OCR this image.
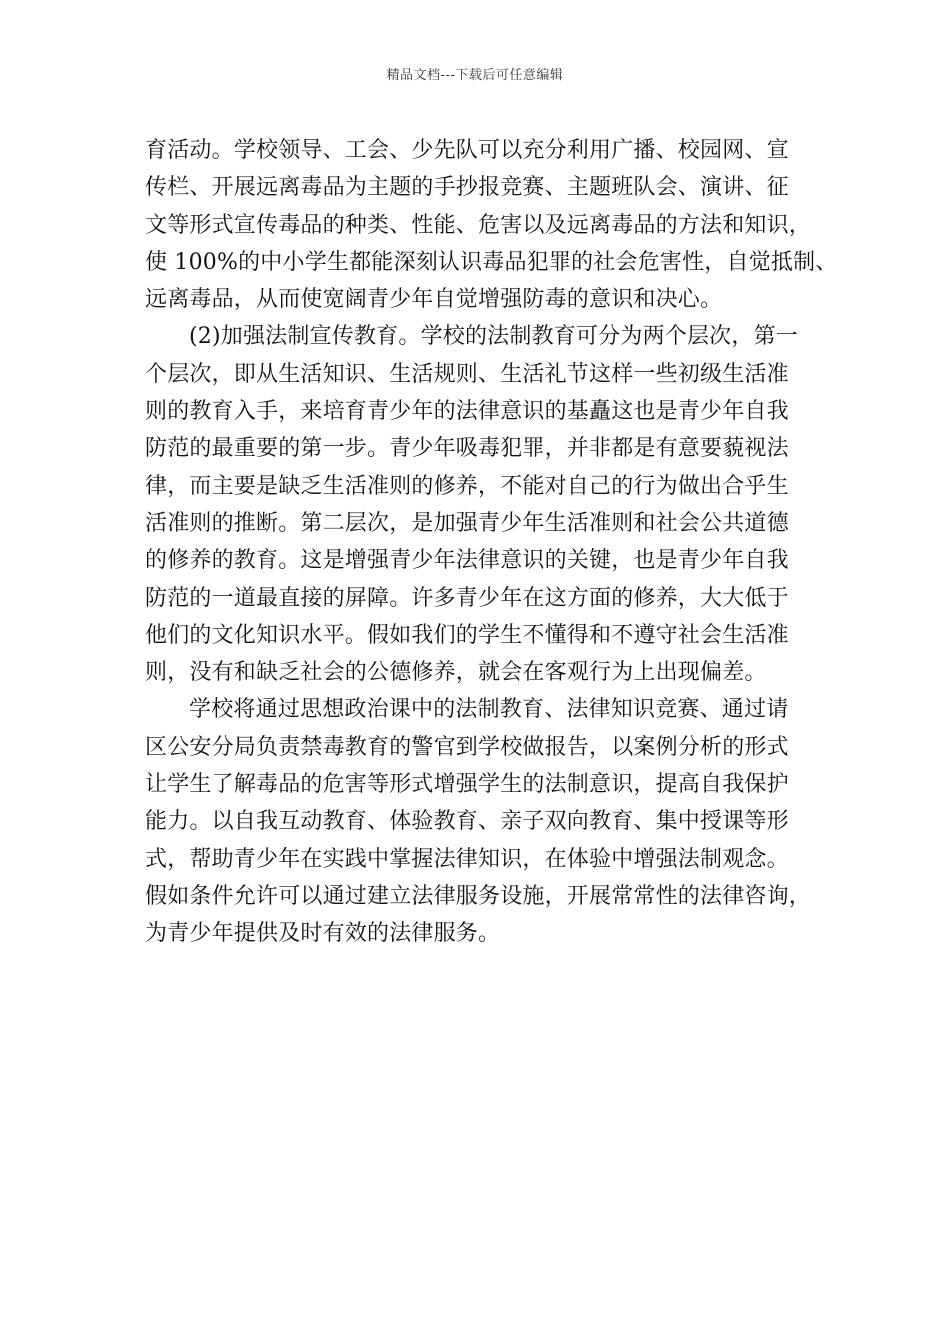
精品文档---下载后可任意编辑
育活动。学校领导、工会、少先队可以充分利用广播、校园网、宣
传栏、开展远离毒品为主题的手抄报竞赛、主题班队会、演讲、征
文等形式宣传毒品的种类、性能、危害以及远离毒品的方法和知识，
使 100%的中小学生都能深刻认识毒品犯罪的社会危害性，自觉抵制、
远离毒品，从而使宽阔青少年自觉增强防毒的意识和决心。
(2)加强法制宣传教育。学校的法制教育可分为两个层次，第一
个层次，即从生活知识、生活规则、生活礼节这样一些初级生活准
则的教育入手，来培育青少年的法律意识的基矗这也是青少年自我
防范的最重要的第一步。青少年吸毒犯罪，并非都是有意要藐视法
律，而主要是缺乏生活准则的修养，不能对自己的行为做出合乎生
活准则的推断。第二层次，是加强青少年生活准则和社会公共道德
的修养的教育。这是增强青少年法律意识的关键，也是青少年自我
防范的一道最直接的屏障。许多青少年在这方面的修养，大大低于
他们的文化知识水平。假如我们的学生不懂得和不遵守社会生活准
则，没有和缺乏社会的公德修养，就会在客观行为上出现偏差。
学校将通过思想政治课中的法制教育、法律知识竞赛、通过请
区公安分局负责禁毒教育的警官到学校做报告，以案例分析的形式
让学生了解毒品的危害等形式增强学生的法制意识，提高自我保护
能力。以自我互动教育、体验教育、亲子双向教育、集中授课等形
式，帮助青少年在实践中掌握法律知识，在体验中增强法制观念。
假如条件允许可以通过建立法律服务设施，开展常常性的法律咨询，
为青少年提供及时有效的法律服务。
